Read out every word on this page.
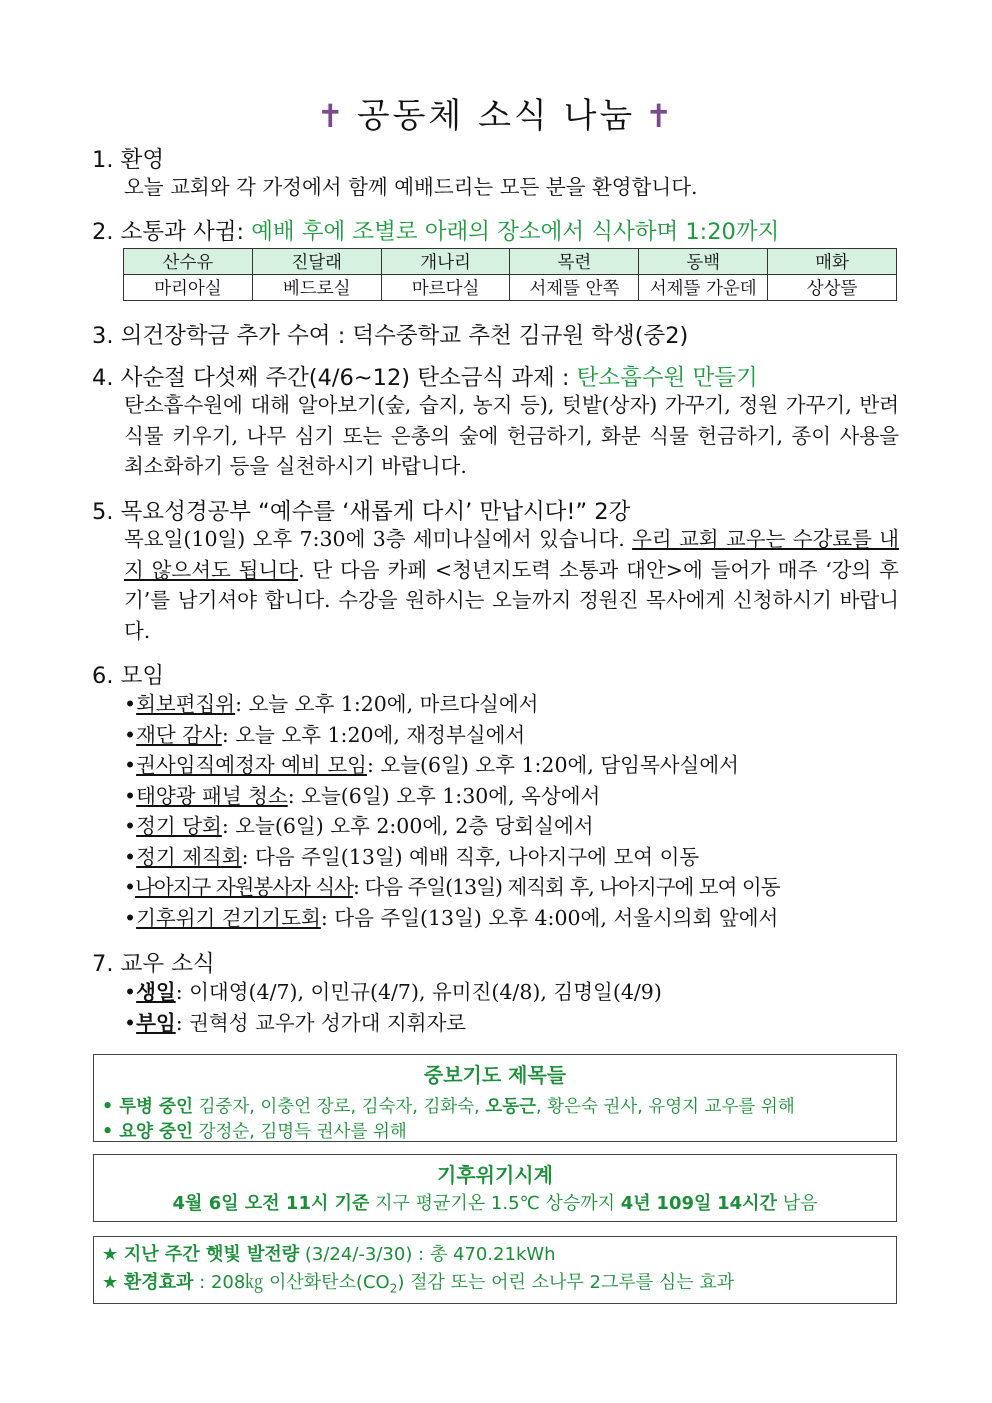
✝ 공동체 소식 나눔 ✝
1. 환영

오늘 교회와 각 가정에서 함께 예배드리는 모든 분을 환영합니다.

2. 소통과 사귐: 예배 후에 조별로 아래의 장소에서 식사하며 1:20까지
산수유	진달래	개나리	목련	동백	매화
마리아실	베드로실	마르다실	서제뜰 안쪽	서제뜰 가운데	상상뜰
3. 의건장학금 추가 수여 : 덕수중학교 추천 김규원 학생(중2)
4. 사순절 다섯째 주간(4/6~12) 탄소금식 과제 : 탄소흡수원 만들기

탄소흡수원에 대해 알아보기(숲, 습지, 농지 등), 텃밭(상자) 가꾸기, 정원 가꾸기, 반려 식물 키우기, 나무 심기 또는 은총의 숲에 헌금하기, 화분 식물 헌금하기, 종이 사용을 최소화하기 등을 실천하시기 바랍니다.

5. 목요성경공부 “예수를 ‘새롭게 다시’ 만납시다!” 2강

목요일(10일) 오후 7:30에 3층 세미나실에서 있습니다. 우리 교회 교우는 수강료를 내지 않으셔도 됩니다. 단 다음 카페 <청년지도력 소통과 대안>에 들어가 매주 ‘강의 후기’를 남기셔야 합니다. 수강을 원하시는 오늘까지 정원진 목사에게 신청하시기 바랍니다.

6. 모임
•회보편집위: 오늘 오후 1:20에, 마르다실에서
•재단 감사: 오늘 오후 1:20에, 재정부실에서
•권사임직예정자 예비 모임: 오늘(6일) 오후 1:20에, 담임목사실에서
•태양광 패널 청소: 오늘(6일) 오후 1:30에, 옥상에서
•정기 당회: 오늘(6일) 오후 2:00에, 2층 당회실에서
•정기 제직회: 다음 주일(13일) 예배 직후, 나아지구에 모여 이동
•나아지구 자원봉사자 식사: 다음 주일(13일) 제직회 후, 나아지구에 모여 이동
•기후위기 걷기기도회: 다음 주일(13일) 오후 4:00에, 서울시의회 앞에서
7. 교우 소식
•생일: 이대영(4/7), 이민규(4/7), 유미진(4/8), 김명일(4/9)
•부임: 권혁성 교우가 성가대 지휘자로
중보기도 제목들
• 투병 중인 김중자, 이충언 장로, 김숙자, 김화숙, 오동근, 황은숙 권사, 유영지 교우를 위해
• 요양 중인 강정순, 김명득 권사를 위해
기후위기시계
4월 6일 오전 11시 기준 지구 평균기온 1.5℃ 상승까지 4년 109일 14시간 남음
★ 지난 주간 햇빛 발전량 (3/24/-3/30) : 총 470.21kWh
★ 환경효과 : 208㎏ 이산화탄소$(CO_2)$ 절감 또는 어린 소나무 2그루를 심는 효과
